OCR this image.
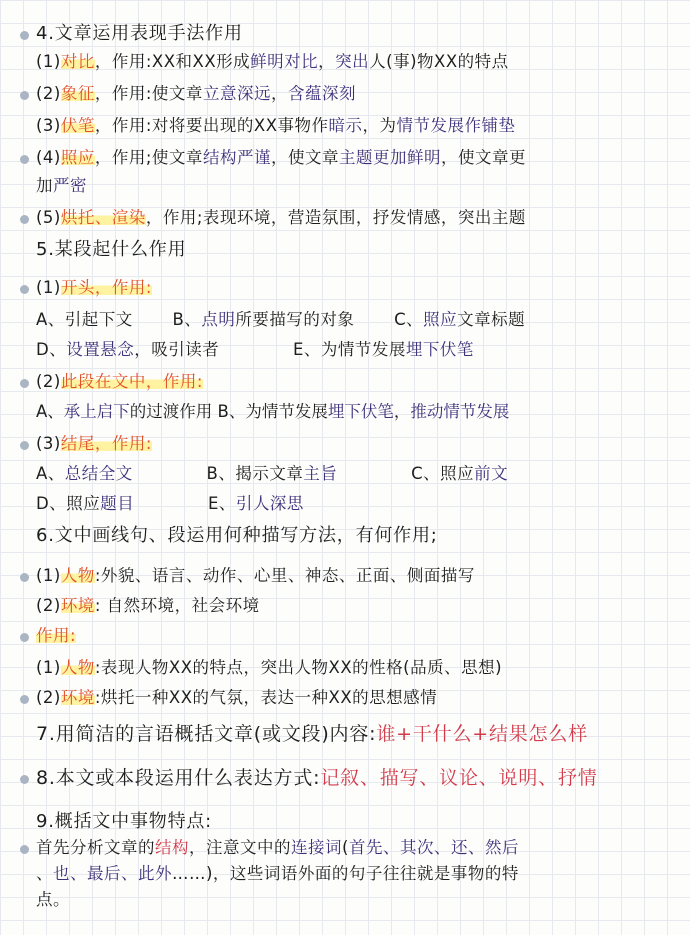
4.文章运用表现手法作用
(1)对比，作用:XX和XX形成鲜明对比，突出人(事)物XX的特点
(2)象征，作用:使文章立意深远，含蕴深刻
(3)伏笔，作用:对将要出现的XX事物作暗示，为情节发展作铺垫
(4)照应，作用;使文章结构严谨，使文章主题更加鲜明，使文章更
加严密
(5)烘托、渲染，作用;表现环境，营造氛围，抒发情感，突出主题
5.某段起什么作用
(1)开头，作用:
A、引起下文　　 B、点明所要描写的对象　　 C、照应文章标题
D、设置悬念，吸引读者　　　　 E、为情节发展埋下伏笔
(2)此段在文中，作用:
A、承上启下的过渡作用 B、为情节发展埋下伏笔，推动情节发展
(3)结尾，作用:
A、总结全文　　　　 B、揭示文章主旨　　　　 C、照应前文
D、照应题目　　　　 E、引人深思
6.文中画线句、段运用何种描写方法，有何作用;
(1)人物:外貌、语言、动作、心里、神态、正面、侧面描写
(2)环境: 自然环境，社会环境
作用:
(1)人物:表现人物XX的特点，突出人物XX的性格(品质、思想)
(2)环境:烘托一种XX的气氛，表达一种XX的思想感情
7.用简洁的言语概括文章(或文段)内容:谁+干什么+结果怎么样
8.本文或本段运用什么表达方式:记叙、描写、议论、说明、抒情
9.概括文中事物特点:
首先分析文章的结构，注意文中的连接词(首先、其次、还、然后
、也、最后、此外……)，这些词语外面的句子往往就是事物的特
点。
